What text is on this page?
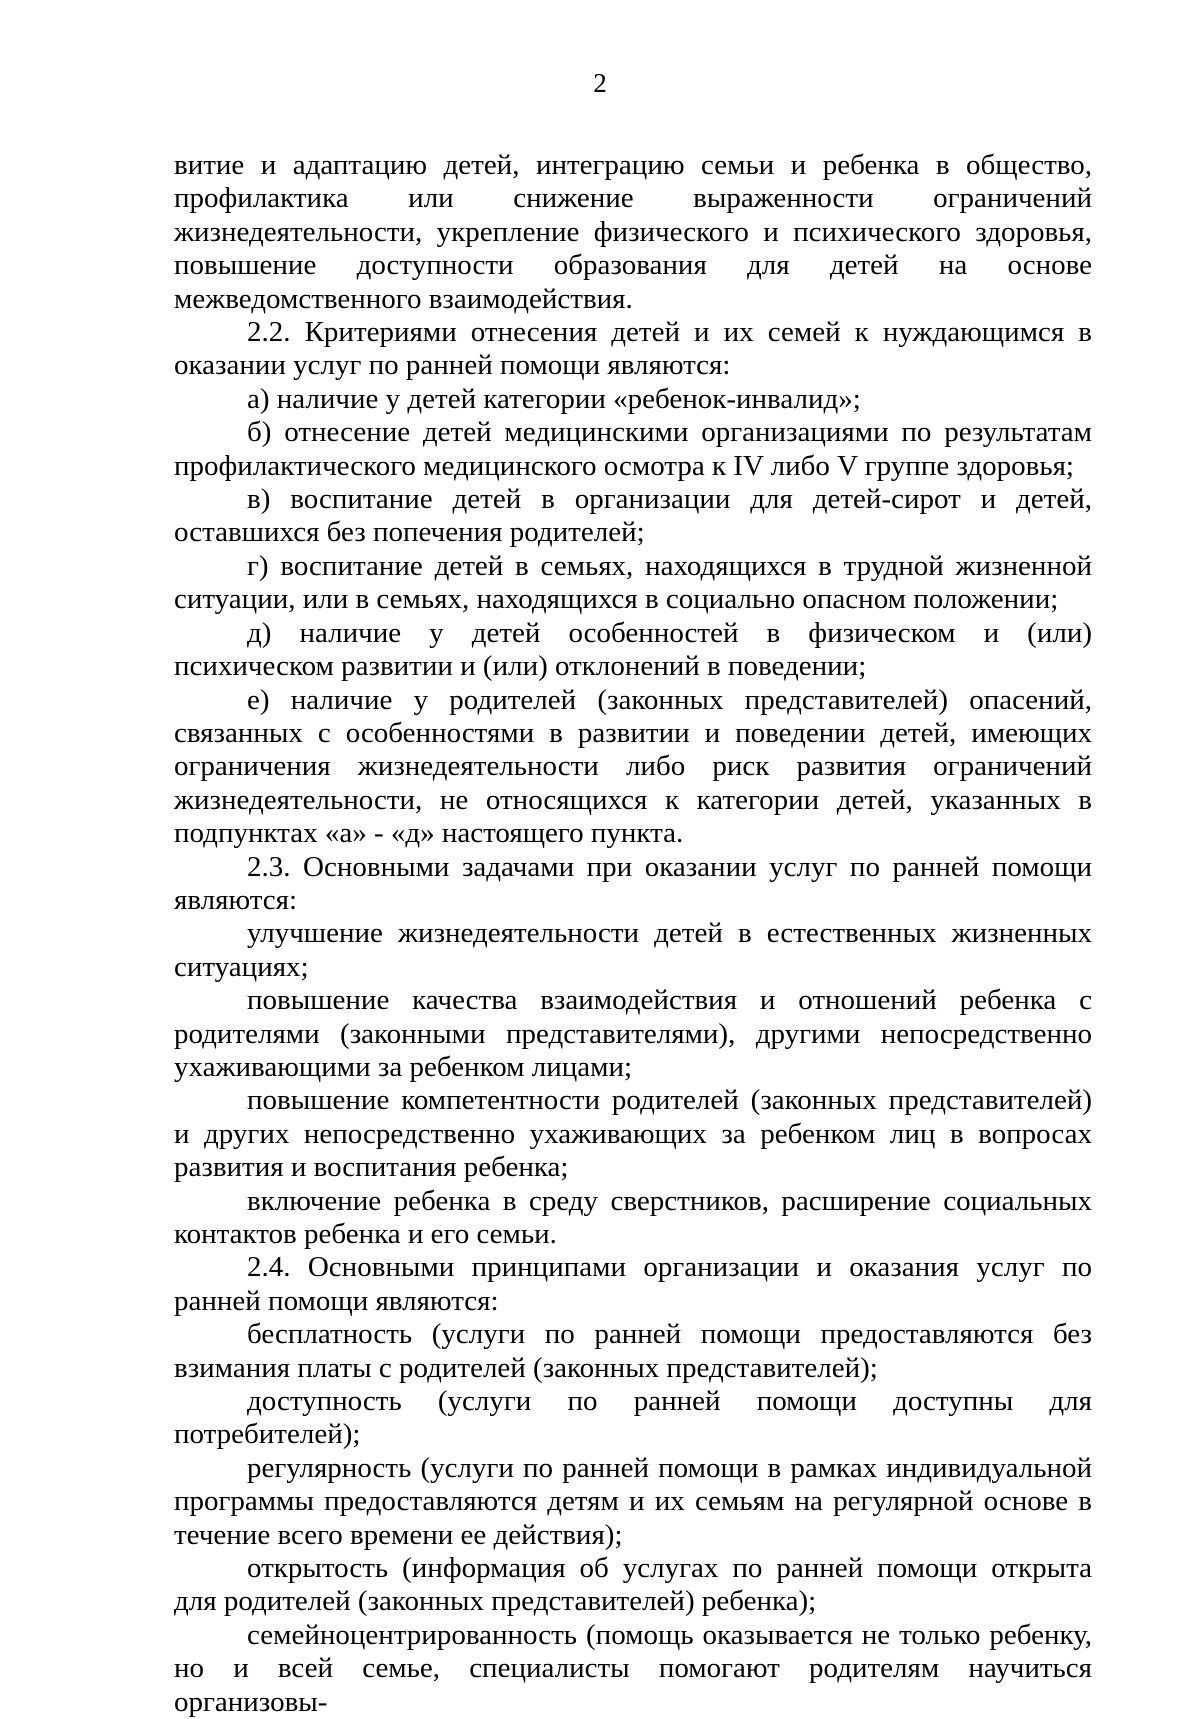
2

витие и адаптацию детей, интеграцию семьи и ребенка в общество, профилактика или снижение выраженности ограничений жизнедеятельности, укрепление физического и психического здоровья, повышение доступности образования для детей на основе межведомственного взаимодействия.

2.2. Критериями отнесения детей и их семей к нуждающимся в оказании услуг по ранней помощи являются:

а) наличие у детей категории «ребенок-инвалид»;

б) отнесение детей медицинскими организациями по результатам профилактического медицинского осмотра к IV либо V группе здоровья;

в) воспитание детей в организации для детей-сирот и детей, оставшихся без попечения родителей;

г) воспитание детей в семьях, находящихся в трудной жизненной ситуации, или в семьях, находящихся в социально опасном положении;

д) наличие у детей особенностей в физическом и (или) психическом развитии и (или) отклонений в поведении;

е) наличие у родителей (законных представителей) опасений, связанных с особенностями в развитии и поведении детей, имеющих ограничения жизнедеятельности либо риск развития ограничений жизнедеятельности, не относящихся к категории детей, указанных в подпунктах «а» - «д» настоящего пункта.

2.3. Основными задачами при оказании услуг по ранней помощи являются:

улучшение жизнедеятельности детей в естественных жизненных ситуациях;

повышение качества взаимодействия и отношений ребенка с родителями (законными представителями), другими непосредственно ухаживающими за ребенком лицами;

повышение компетентности родителей (законных представителей) и других непосредственно ухаживающих за ребенком лиц в вопросах развития и воспитания ребенка;

включение ребенка в среду сверстников, расширение социальных контактов ребенка и его семьи.

2.4. Основными принципами организации и оказания услуг по ранней помощи являются:

бесплатность (услуги по ранней помощи предоставляются без взимания платы с родителей (законных представителей);

доступность (услуги по ранней помощи доступны для потребителей);

регулярность (услуги по ранней помощи в рамках индивидуальной программы предоставляются детям и их семьям на регулярной основе в течение всего времени ее действия);

открытость (информация об услугах по ранней помощи открыта для родителей (законных представителей) ребенка);

семейноцентрированность (помощь оказывается не только ребенку, но и всей семье, специалисты помогают родителям научиться организовы-
